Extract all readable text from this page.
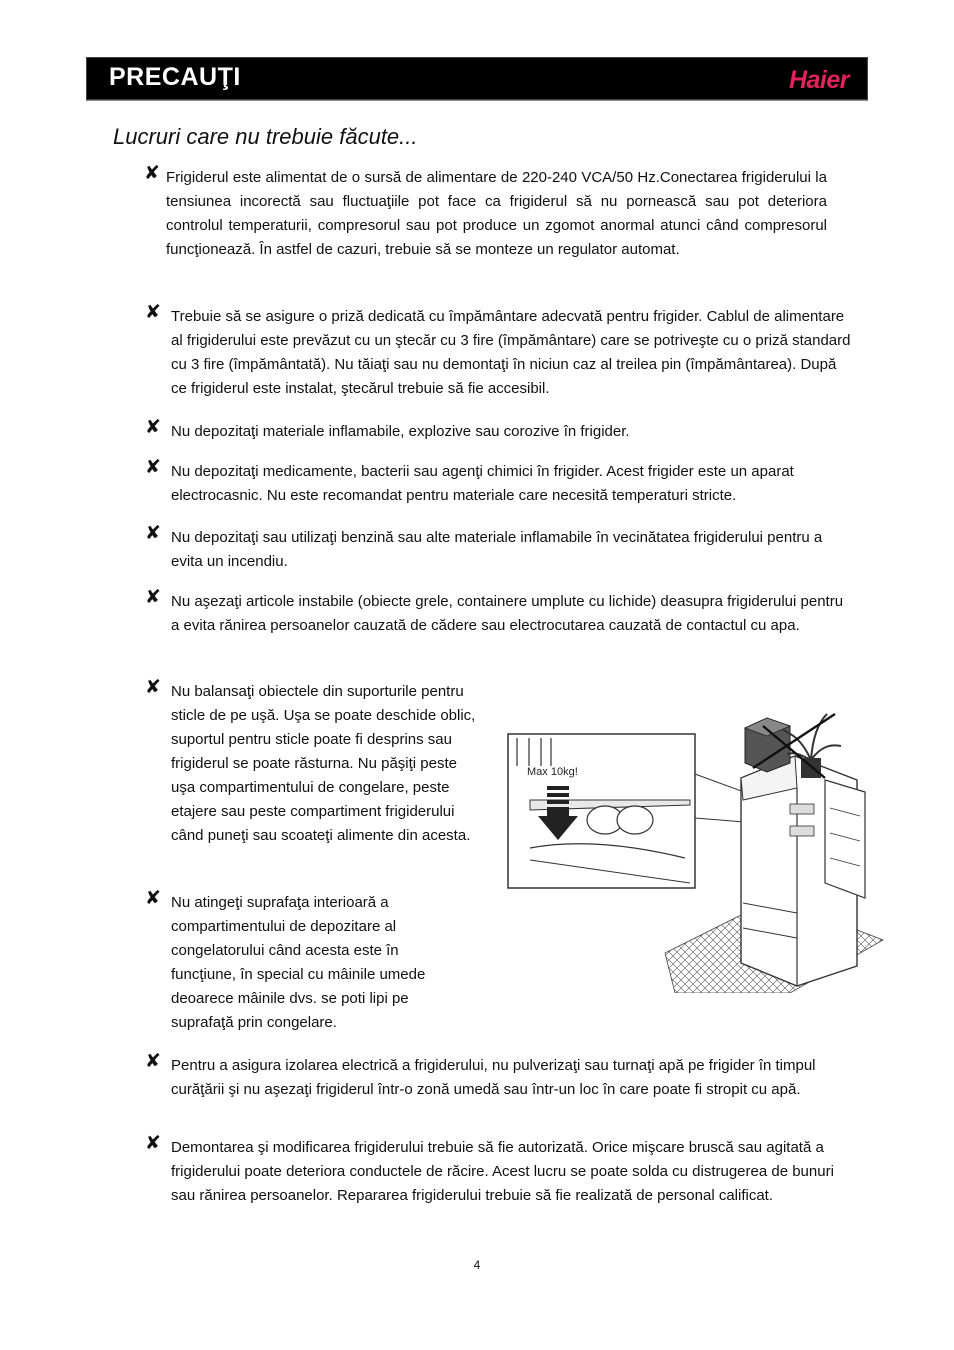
PRECAUŢI	Haier
Lucruri care nu trebuie făcute...
✘ Frigiderul este alimentat de o sursă de alimentare de 220-240 VCA/50 Hz.Conectarea frigiderului la tensiunea incorectă sau fluctuaţiile pot face ca frigiderul să nu pornească sau pot deteriora controlul temperaturii, compresorul sau pot produce un zgomot anormal atunci când compresorul funcţionează. În astfel de cazuri, trebuie să se monteze un regulator automat.
✘ Trebuie să se asigure o priză dedicată cu împământare adecvată pentru frigider. Cablul de alimentare al frigiderului este prevăzut cu un ştecăr cu 3 fire (împământare) care se potriveşte cu o priză standard cu 3 fire (împământată). Nu tăiaţi sau nu demontaţi în niciun caz al treilea pin (împământarea). După ce frigiderul este instalat, ştecărul trebuie să fie accesibil.
✘ Nu depozitaţi materiale inflamabile, explozive sau corozive în frigider.
✘ Nu depozitaţi medicamente, bacterii sau agenţi chimici în frigider. Acest frigider este un aparat electrocasnic. Nu este recomandat pentru materiale care necesită temperaturi stricte.
✘ Nu depozitaţi sau utilizaţi benzină sau alte materiale inflamabile în vecinătatea frigiderului pentru a evita un incendiu.
✘ Nu aşezaţi articole instabile (obiecte grele, containere umplute cu lichide) deasupra frigiderului pentru a evita rănirea persoanelor cauzată de cădere sau electrocutarea cauzată de contactul cu apa.
✘ Nu balansaţi obiectele din suporturile pentru sticle de pe uşă. Uşa se poate deschide oblic, suportul pentru sticle poate fi desprins sau frigiderul se poate răsturna. Nu păşiţi peste uşa compartimentului de congelare, peste etajere sau peste compartiment frigiderului când puneţi sau scoateţi alimente din acesta.
✘ Nu atingeţi suprafaţa interioară a compartimentului de depozitare al congelatorului când acesta este în funcţiune, în special cu mâinile umede deoarece mâinile dvs. se poti lipi pe suprafaţă prin congelare.
✘ Pentru a asigura izolarea electrică a frigiderului, nu pulverizaţi sau turnaţi apă pe frigider în timpul curăţării şi nu aşezaţi frigiderul într-o zonă umedă sau într-un loc în care poate fi stropit cu apă.
✘ Demontarea şi modificarea frigiderului trebuie să fie autorizată. Orice mişcare bruscă sau agitată a frigiderului poate deteriora conductele de răcire. Acest lucru se poate solda cu distrugerea de bunuri sau rănirea persoanelor. Repararea frigiderului trebuie să fie realizată de personal calificat.
Max 10kg!
4
